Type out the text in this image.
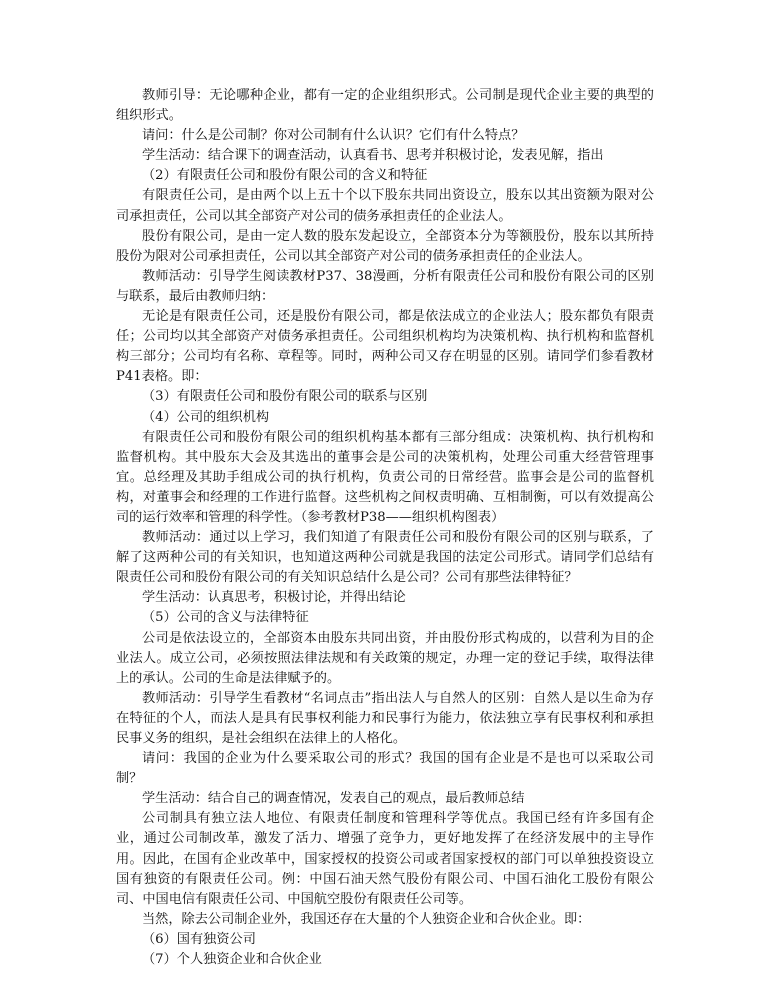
教师引导：无论哪种企业，都有一定的企业组织形式。公司制是现代企业主要的典型的组织形式。

请问：什么是公司制？你对公司制有什么认识？它们有什么特点？

学生活动：结合课下的调查活动，认真看书、思考并积极讨论，发表见解，指出

（2）有限责任公司和股份有限公司的含义和特征

有限责任公司，是由两个以上五十个以下股东共同出资设立，股东以其出资额为限对公司承担责任，公司以其全部资产对公司的债务承担责任的企业法人。

股份有限公司，是由一定人数的股东发起设立，全部资本分为等额股份，股东以其所持股份为限对公司承担责任，公司以其全部资产对公司的债务承担责任的企业法人。

教师活动：引导学生阅读教材P37、38漫画，分析有限责任公司和股份有限公司的区别与联系，最后由教师归纳：

无论是有限责任公司，还是股份有限公司，都是依法成立的企业法人；股东都负有限责任；公司均以其全部资产对债务承担责任。公司组织机构均为决策机构、执行机构和监督机构三部分；公司均有名称、章程等。同时，两种公司又存在明显的区别。请同学们参看教材P41表格。即：

（3）有限责任公司和股份有限公司的联系与区别

（4）公司的组织机构

有限责任公司和股份有限公司的组织机构基本都有三部分组成：决策机构、执行机构和监督机构。其中股东大会及其选出的董事会是公司的决策机构，处理公司重大经营管理事宜。总经理及其助手组成公司的执行机构，负责公司的日常经营。监事会是公司的监督机构，对董事会和经理的工作进行监督。这些机构之间权责明确、互相制衡，可以有效提高公司的运行效率和管理的科学性。（参考教材P38——组织机构图表）

教师活动：通过以上学习，我们知道了有限责任公司和股份有限公司的区别与联系，了解了这两种公司的有关知识，也知道这两种公司就是我国的法定公司形式。请同学们总结有限责任公司和股份有限公司的有关知识总结什么是公司？公司有那些法律特征？

学生活动：认真思考，积极讨论，并得出结论

（5）公司的含义与法律特征

公司是依法设立的，全部资本由股东共同出资，并由股份形式构成的，以营利为目的企业法人。成立公司，必须按照法律法规和有关政策的规定，办理一定的登记手续，取得法律上的承认。公司的生命是法律赋予的。

教师活动：引导学生看教材“名词点击”指出法人与自然人的区别：自然人是以生命为存在特征的个人，而法人是具有民事权利能力和民事行为能力，依法独立享有民事权利和承担民事义务的组织，是社会组织在法律上的人格化。

请问：我国的企业为什么要采取公司的形式？我国的国有企业是不是也可以采取公司制？

学生活动：结合自己的调查情况，发表自己的观点，最后教师总结

公司制具有独立法人地位、有限责任制度和管理科学等优点。我国已经有许多国有企业，通过公司制改革，激发了活力、增强了竞争力，更好地发挥了在经济发展中的主导作用。因此，在国有企业改革中，国家授权的投资公司或者国家授权的部门可以单独投资设立国有独资的有限责任公司。例：中国石油天然气股份有限公司、中国石油化工股份有限公司、中国电信有限责任公司、中国航空股份有限责任公司等。

当然，除去公司制企业外，我国还存在大量的个人独资企业和合伙企业。即：

（6）国有独资公司

（7）个人独资企业和合伙企业
